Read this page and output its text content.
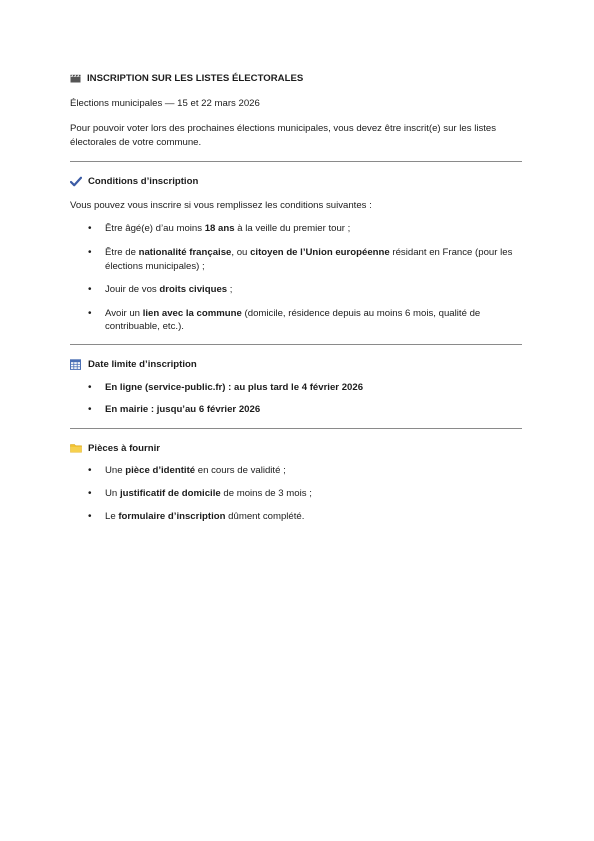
INSCRIPTION SUR LES LISTES ÉLECTORALES
Élections municipales — 15 et 22 mars 2026
Pour pouvoir voter lors des prochaines élections municipales, vous devez être inscrit(e) sur les listes
électorales de votre commune.
Conditions d’inscription
Vous pouvez vous inscrire si vous remplissez les conditions suivantes :
• Être âgé(e) d’au moins 18 ans à la veille du premier tour ;
• Être de nationalité française, ou citoyen de l’Union européenne résidant en France (pour les
élections municipales) ;
• Jouir de vos droits civiques ;
• Avoir un lien avec la commune (domicile, résidence depuis au moins 6 mois, qualité de
contribuable, etc.).
Date limite d’inscription
• En ligne (service-public.fr) : au plus tard le 4 février 2026
• En mairie : jusqu’au 6 février 2026
Pièces à fournir
• Une pièce d’identité en cours de validité ;
• Un justificatif de domicile de moins de 3 mois ;
• Le formulaire d’inscription dûment complété.
